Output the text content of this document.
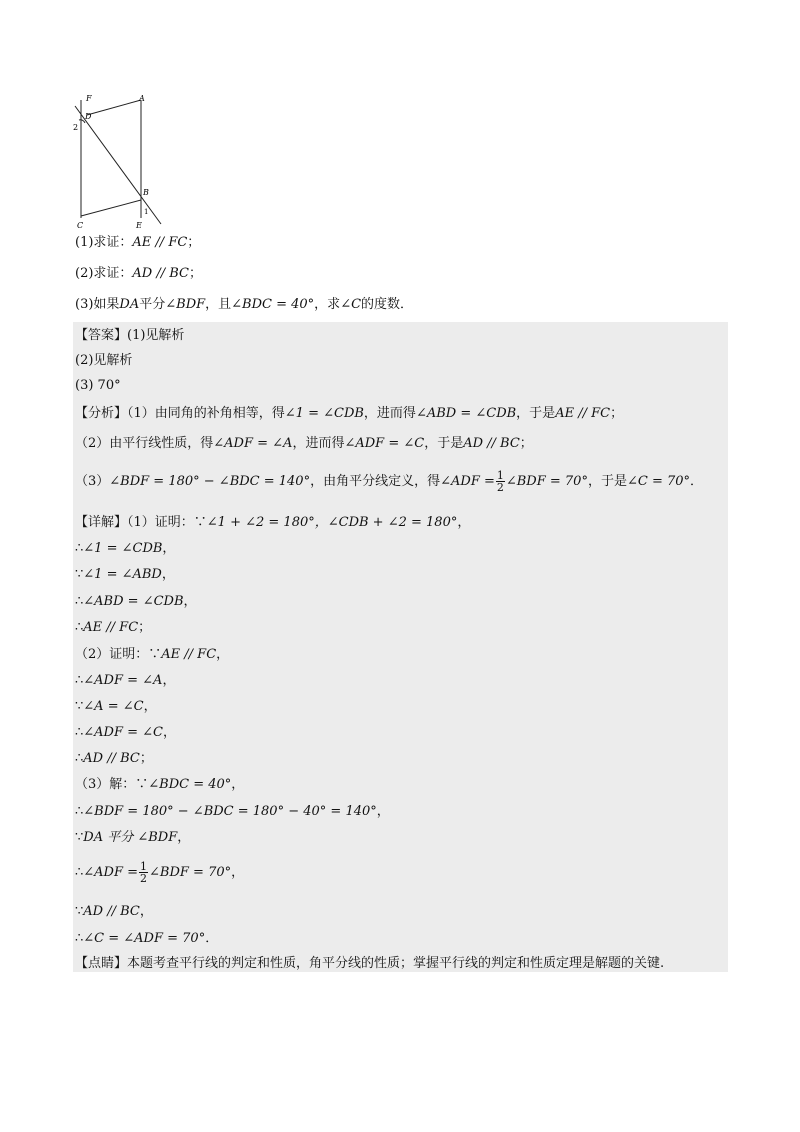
F	A
D
2
B
1
C	E
(1)求证：AE // FC；
(2)求证：AD // BC；
(3)如果DA平分∠BDF，且∠BDC = 40°，求∠C的度数．
【答案】(1)见解析
(2)见解析
(3) 70°
【分析】（1）由同角的补角相等，得∠1 = ∠CDB，进而得∠ABD = ∠CDB，于是AE // FC；
（2）由平行线性质，得∠ADF = ∠A，进而得∠ADF = ∠C，于是AD // BC；
（3）∠BDF = 180° − ∠BDC = 140°，由角平分线定义，得∠ADF = $\frac{1}{2}$ ∠BDF = 70°，于是∠C = 70°．
【详解】（1）证明：∵∠1 + ∠2 = 180°，∠CDB + ∠2 = 180°，
∴∠1 = ∠CDB，
∵∠1 = ∠ABD，
∴∠ABD = ∠CDB，
∴AE // FC；
（2）证明：∵AE // FC，
∴∠ADF = ∠A，
∵∠A = ∠C，
∴∠ADF = ∠C，
∴AD // BC；
（3）解：∵∠BDC = 40°，
∴∠BDF = 180° − ∠BDC = 180° − 40° = 140°，
∵DA 平分 ∠BDF，
∴∠ADF = $\frac{1}{2}$ ∠BDF = 70°，
∵AD // BC，
∴∠C = ∠ADF = 70°．
【点睛】本题考查平行线的判定和性质，角平分线的性质；掌握平行线的判定和性质定理是解题的关键.
